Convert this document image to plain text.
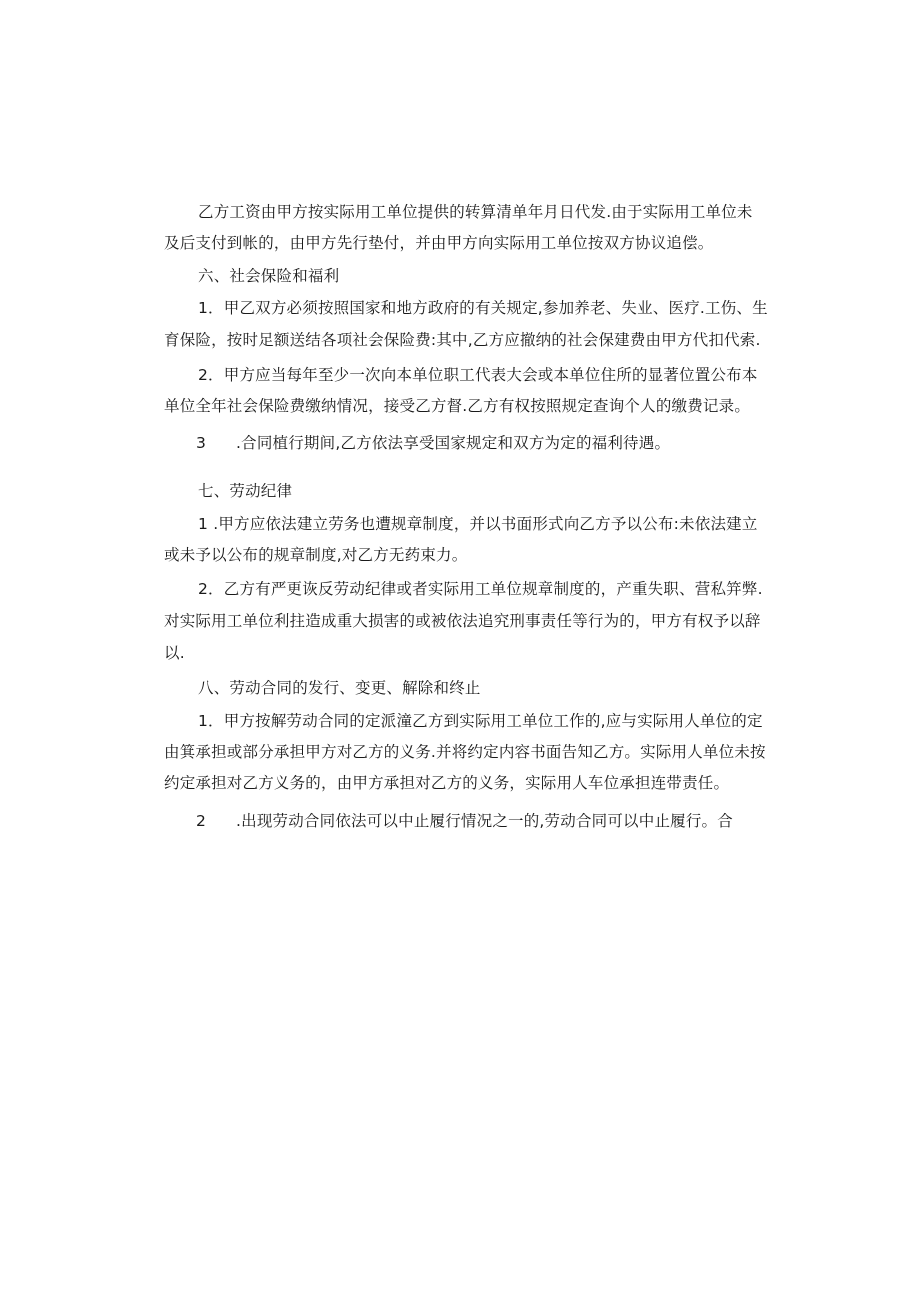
乙方工资由甲方按实际用工单位提供的转算清单年月日代发.由于实际用工单位未
及后支付到帐的，由甲方先行垫付，并由甲方向实际用工单位按双方协议追偿。
六、社会保险和福利
1．甲乙双方必须按照国家和地方政府的有关规定,参加养老、失业、医疗.工伤、生
育保险，按时足额送结各项社会保险费:其中,乙方应撤纳的社会保建费由甲方代扣代索.
2．甲方应当每年至少一次向本单位职工代表大会或本单位住所的显著位置公布本
单位全年社会保险费缴纳情况，接受乙方督.乙方有权按照规定查询个人的缴费记录。
3 .合同植行期间,乙方依法享受国家规定和双方为定的福利待遇。
七、劳动纪律
1 .甲方应依法建立劳务也遭规章制度，并以书面形式向乙方予以公布:未依法建立
或未予以公布的规章制度,对乙方无药束力。
2．乙方有严更诙反劳动纪律或者实际用工单位规章制度的，产重失职、营私笄弊.
对实际用工单位利拄造成重大损害的或被依法追究刑事责任等行为的，甲方有权予以辞
以.
八、劳动合同的发行、变更、解除和终止
1．甲方按解劳动合同的定派潼乙方到实际用工单位工作的,应与实际用人单位的定
由箕承担或部分承担甲方对乙方的义务.并将约定内容书面告知乙方。实际用人单位未按
约定承担对乙方义务的，由甲方承担对乙方的义务，实际用人车位承担连带责任。
2 .出现劳动合同依法可以中止履行情况之一的,劳动合同可以中止履行。合
